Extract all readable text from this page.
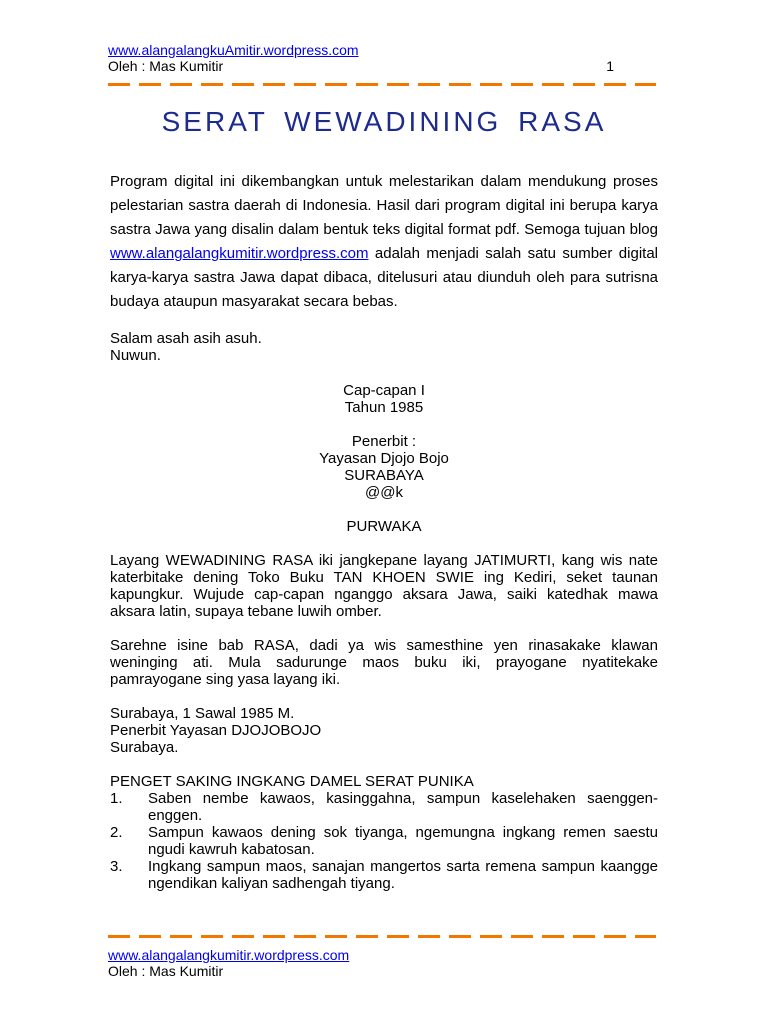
www.alangalangkuAmitir.wordpress.com
Oleh : Mas Kumitir	1
SERAT WEWADINING RASA

Program digital ini dikembangkan untuk melestarikan dalam mendukung proses pelestarian sastra daerah di Indonesia. Hasil dari program digital ini berupa karya sastra Jawa yang disalin dalam bentuk teks digital format pdf. Semoga tujuan blog www.alangalangkumitir.wordpress.com adalah menjadi salah satu sumber digital karya-karya sastra Jawa dapat dibaca, ditelusuri atau diunduh oleh para sutrisna budaya ataupun masyarakat secara bebas.

Salam asah asih asuh.
Nuwun.
Cap-capan I
Tahun 1985
Penerbit :
Yayasan Djojo Bojo
SURABAYA
@@k
PURWAKA

Layang WEWADINING RASA iki jangkepane layang JATIMURTI, kang wis nate katerbitake dening Toko Buku TAN KHOEN SWIE ing Kediri, seket taunan kapungkur. Wujude cap-capan nganggo aksara Jawa, saiki katedhak mawa aksara latin, supaya tebane luwih omber.

Sarehne isine bab RASA, dadi ya wis samesthine yen rinasakake klawan weninging ati. Mula sadurunge maos buku iki, prayogane nyatitekake pamrayogane sing yasa layang iki.

Surabaya, 1 Sawal 1985 M.
Penerbit Yayasan DJOJOBOJO
Surabaya.
PENGET SAKING INGKANG DAMEL SERAT PUNIKA
1.	Saben nembe kawaos, kasinggahna, sampun kaselehaken saenggen-enggen.
2.	Sampun kawaos dening sok tiyanga, ngemungna ingkang remen saestu ngudi kawruh kabatosan.
3.	Ingkang sampun maos, sanajan mangertos sarta remena sampun kaangge ngendikan kaliyan sadhengah tiyang.
www.alangalangkumitir.wordpress.com
Oleh : Mas Kumitir
